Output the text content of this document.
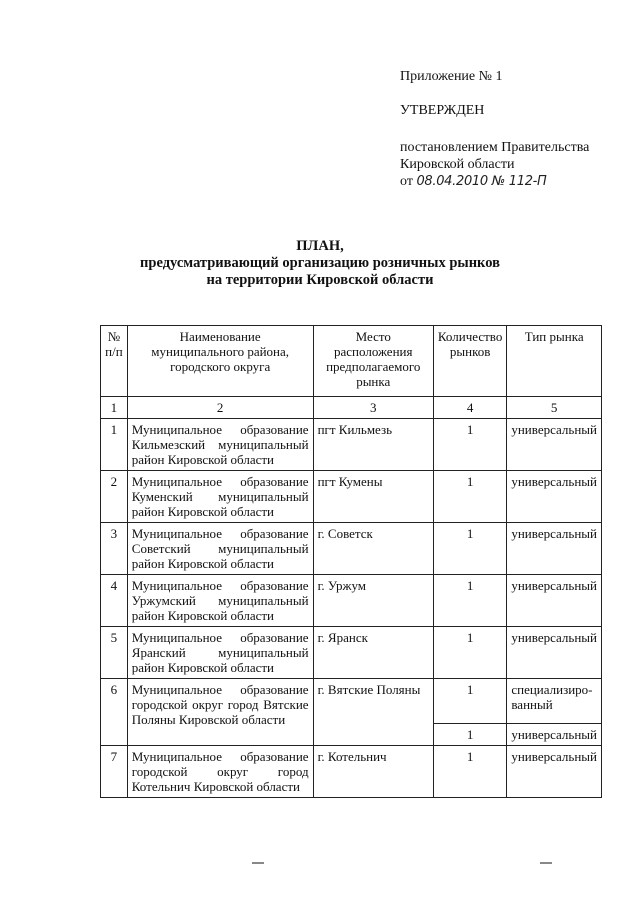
Приложение № 1

УТВЕРЖДЕН

постановлением Правительства

Кировской области

от 08.04.2010 № 112-П

ПЛАН,
предусматривающий организацию розничных рынков
на территории Кировской области
№ п/п	Наименование муниципального района, городского округа	Место расположения предполагаемого рынка	Количество рынков	Тип рынка
1	2	3	4	5
1	Муниципальное образование Кильмезский муниципальный район Кировской области	пгт Кильмезь	1	универсальный
2	Муниципальное образование Куменский муниципальный район Кировской области	пгт Кумены	1	универсальный
3	Муниципальное образование Советский муниципальный район Кировской области	г. Советск	1	универсальный
4	Муниципальное образование Уржумский муниципальный район Кировской области	г. Уржум	1	универсальный
5	Муниципальное образование Яранский муниципальный район Кировской области	г. Яранск	1	универсальный
6	Муниципальное образование городской округ город Вятские Поляны Кировской области	г. Вятские Поляны	1	специализиро-ванный
			1	универсальный
7	Муниципальное образование городской округ город Котельнич Кировской области	г. Котельнич	1	универсальный
